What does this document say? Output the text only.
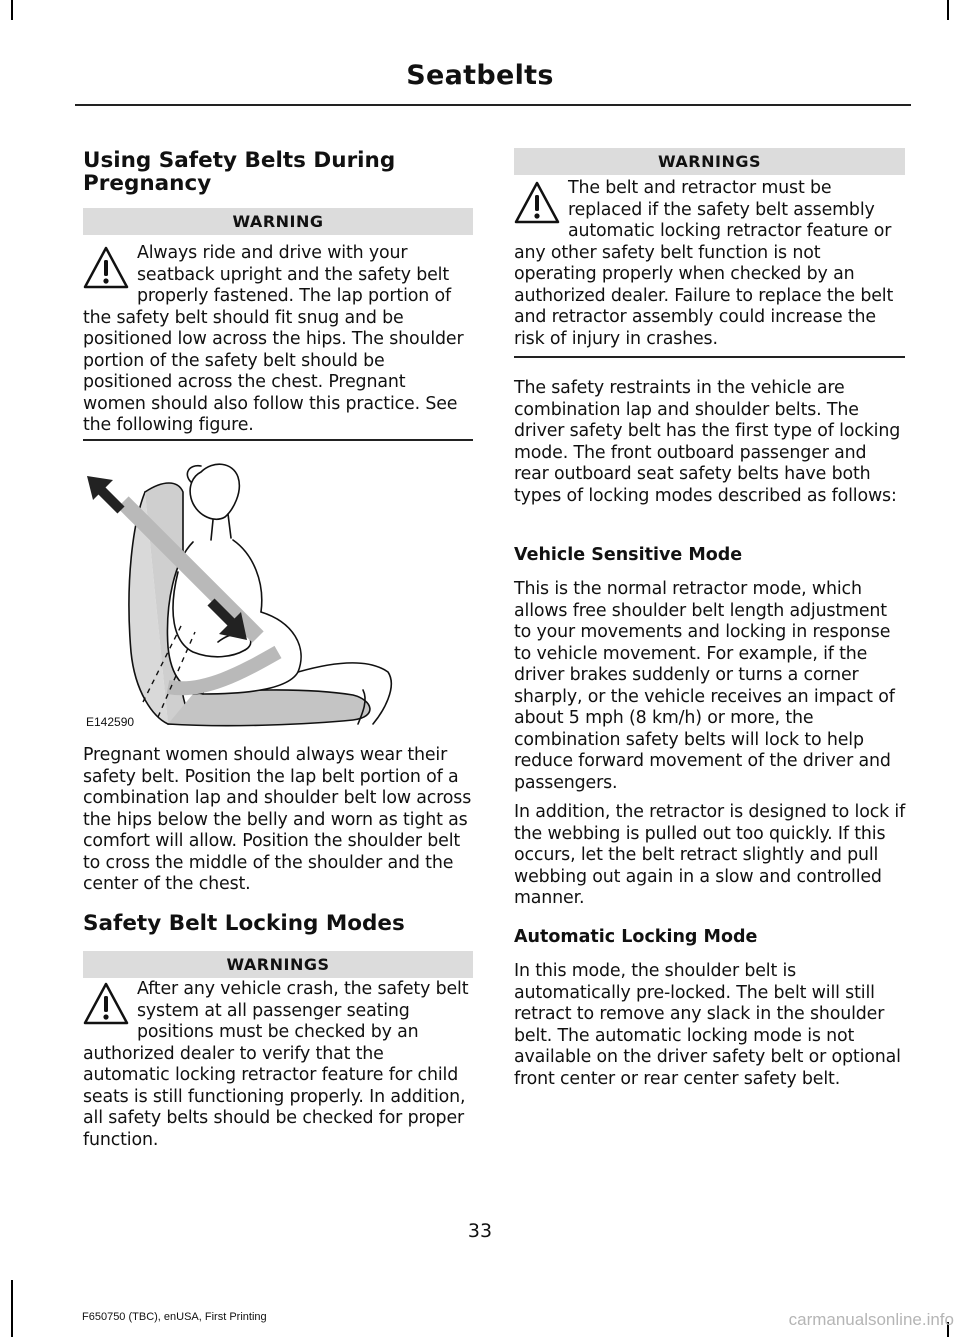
Seatbelts
Using Safety Belts During Pregnancy
WARNING
Always ride and drive with your seatback upright and the safety belt properly fastened. The lap portion of the safety belt should fit snug and be positioned low across the hips. The shoulder portion of the safety belt should be positioned across the chest. Pregnant women should also follow this practice. See the following figure.
E142590
Pregnant women should always wear their safety belt. Position the lap belt portion of a combination lap and shoulder belt low across the hips below the belly and worn as tight as comfort will allow. Position the shoulder belt to cross the middle of the shoulder and the center of the chest.
Safety Belt Locking Modes
WARNINGS
After any vehicle crash, the safety belt system at all passenger seating positions must be checked by an authorized dealer to verify that the automatic locking retractor feature for child seats is still functioning properly. In addition, all safety belts should be checked for proper function.
WARNINGS
The belt and retractor must be replaced if the safety belt assembly automatic locking retractor feature or any other safety belt function is not operating properly when checked by an authorized dealer. Failure to replace the belt and retractor assembly could increase the risk of injury in crashes.
The safety restraints in the vehicle are combination lap and shoulder belts. The driver safety belt has the first type of locking mode. The front outboard passenger and rear outboard seat safety belts have both types of locking modes described as follows:
Vehicle Sensitive Mode
This is the normal retractor mode, which allows free shoulder belt length adjustment to your movements and locking in response to vehicle movement. For example, if the driver brakes suddenly or turns a corner sharply, or the vehicle receives an impact of about 5 mph (8 km/h) or more, the combination safety belts will lock to help reduce forward movement of the driver and passengers.
In addition, the retractor is designed to lock if the webbing is pulled out too quickly. If this occurs, let the belt retract slightly and pull webbing out again in a slow and controlled manner.
Automatic Locking Mode
In this mode, the shoulder belt is automatically pre-locked. The belt will still retract to remove any slack in the shoulder belt. The automatic locking mode is not available on the driver safety belt or optional front center or rear center safety belt.
33
F650750 (TBC), enUSA, First Printing	carmanualsonline.info
